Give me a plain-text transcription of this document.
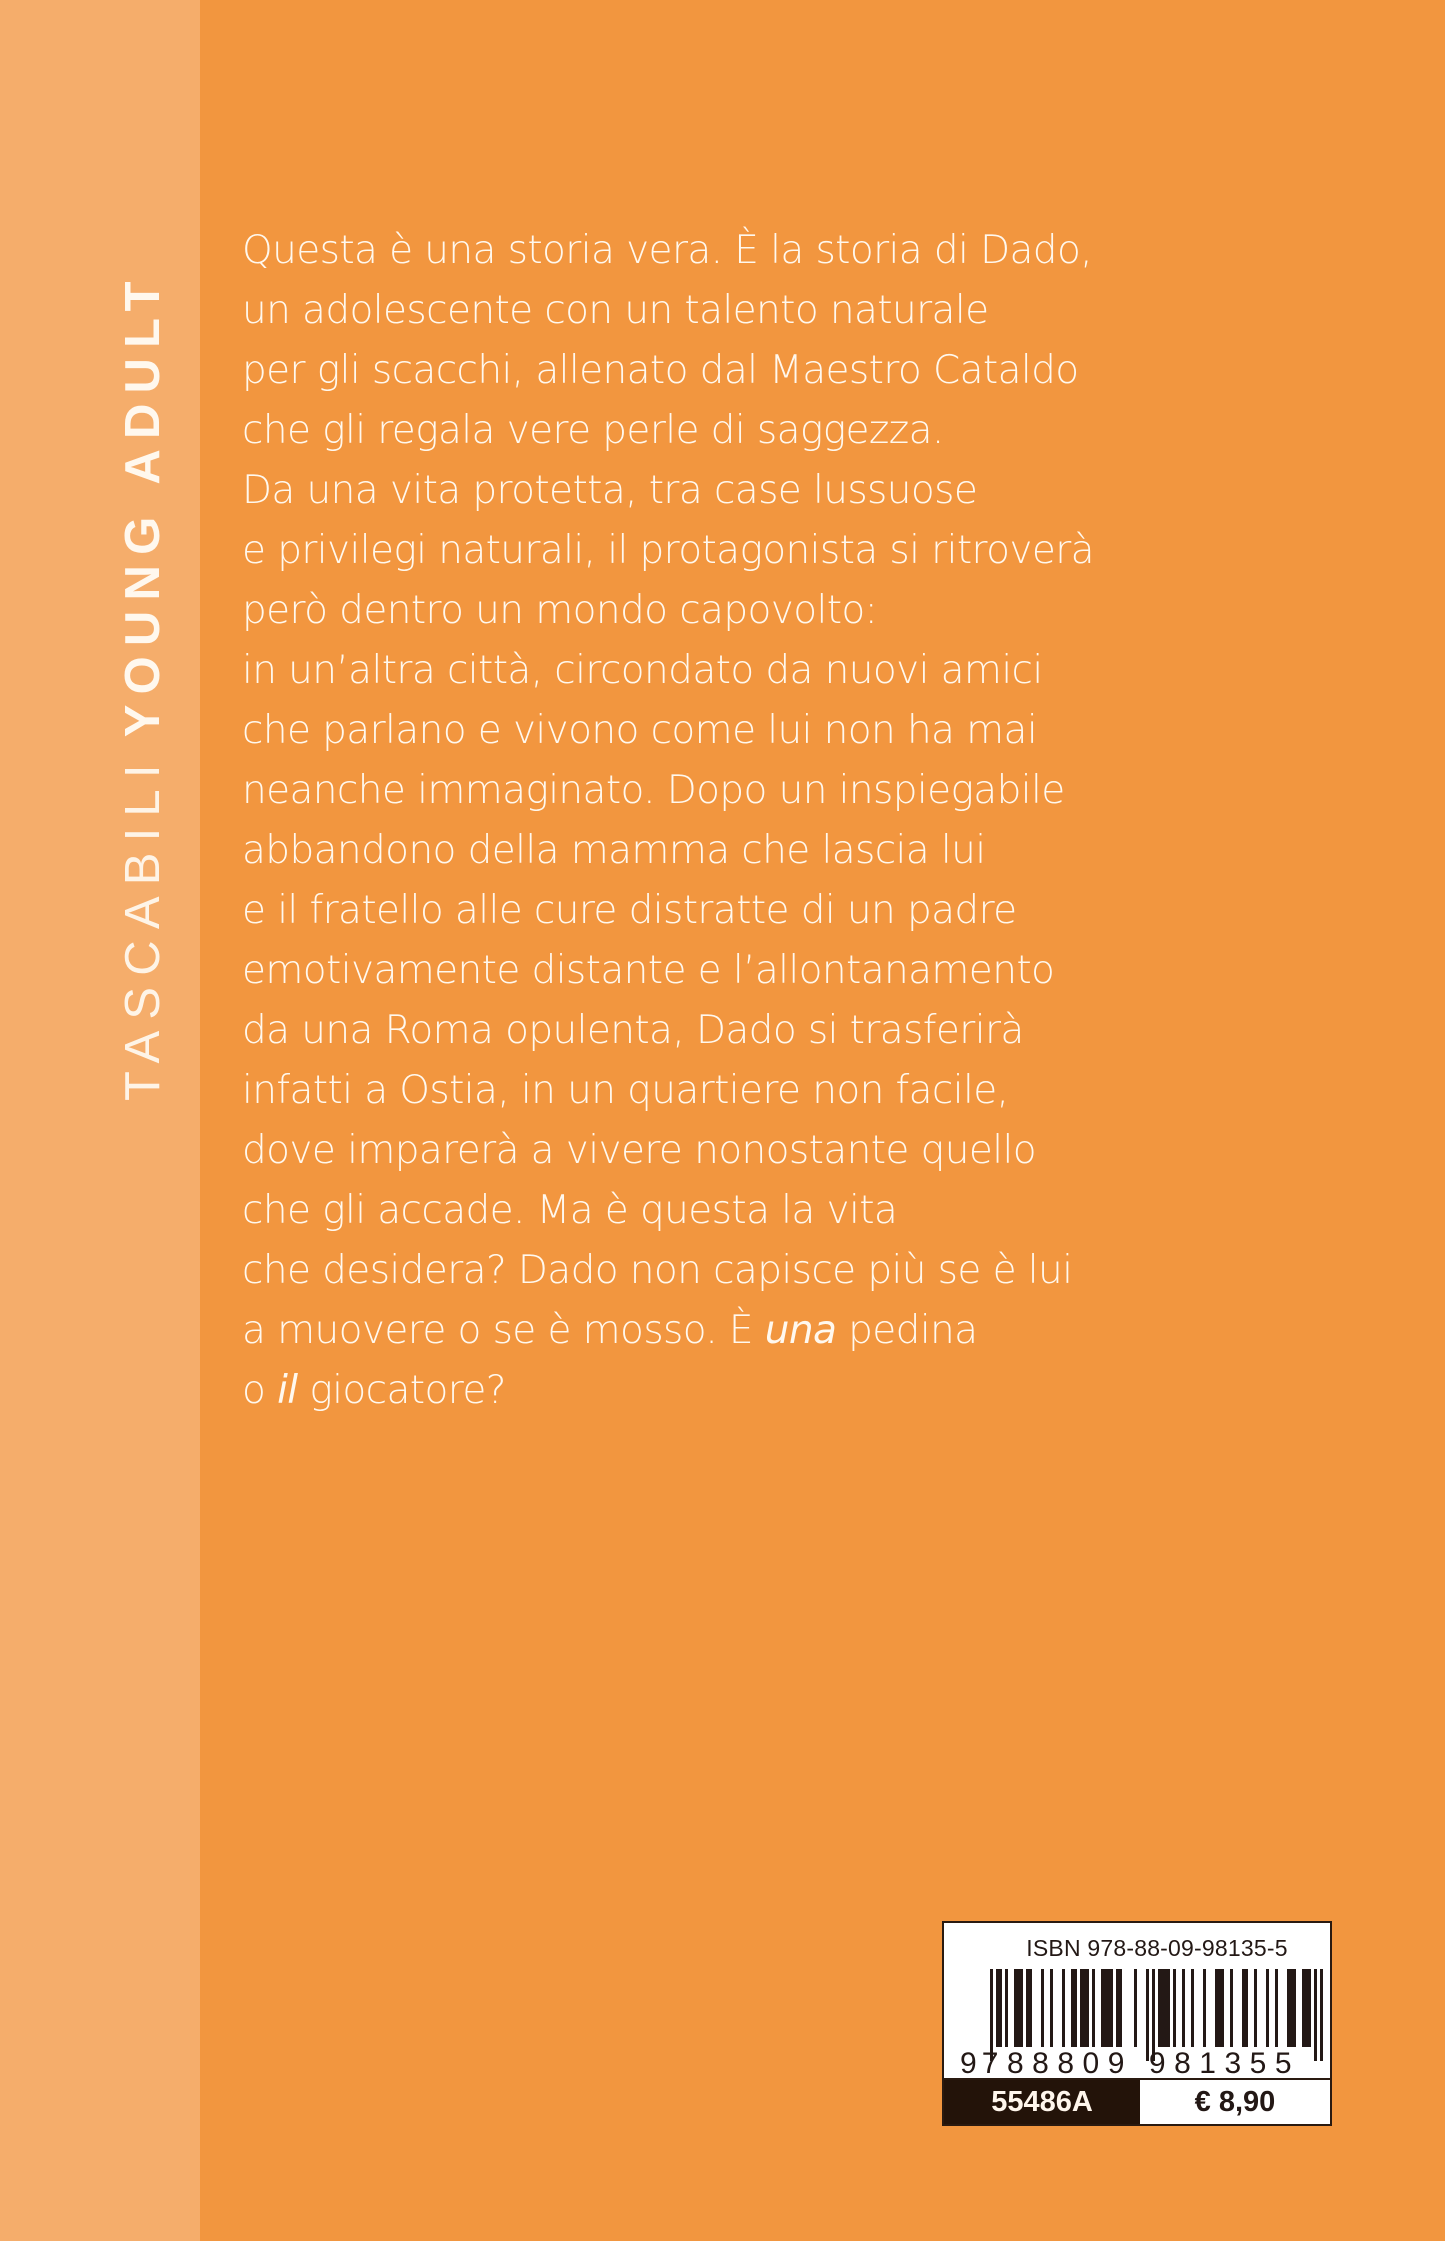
TASCABILI
YOUNG ADULT
Questa è una storia vera. È la storia di Dado,
un adolescente con un talento naturale
per gli scacchi, allenato dal Maestro Cataldo
che gli regala vere perle di saggezza.
Da una vita protetta, tra case lussuose
e privilegi naturali, il protagonista si ritroverà
però dentro un mondo capovolto:
in un’altra città, circondato da nuovi amici
che parlano e vivono come lui non ha mai
neanche immaginato. Dopo un inspiegabile
abbandono della mamma che lascia lui
e il fratello alle cure distratte di un padre
emotivamente distante e l’allontanamento
da una Roma opulenta, Dado si trasferirà
infatti a Ostia, in un quartiere non facile,
dove imparerà a vivere nonostante quello
che gli accade. Ma è questa la vita
che desidera? Dado non capisce più se è lui
a muovere o se è mosso. È una pedina
o il giocatore?
ISBN 978-88-09-98135-5
9 788809 981355
55486A	€ 8,90
